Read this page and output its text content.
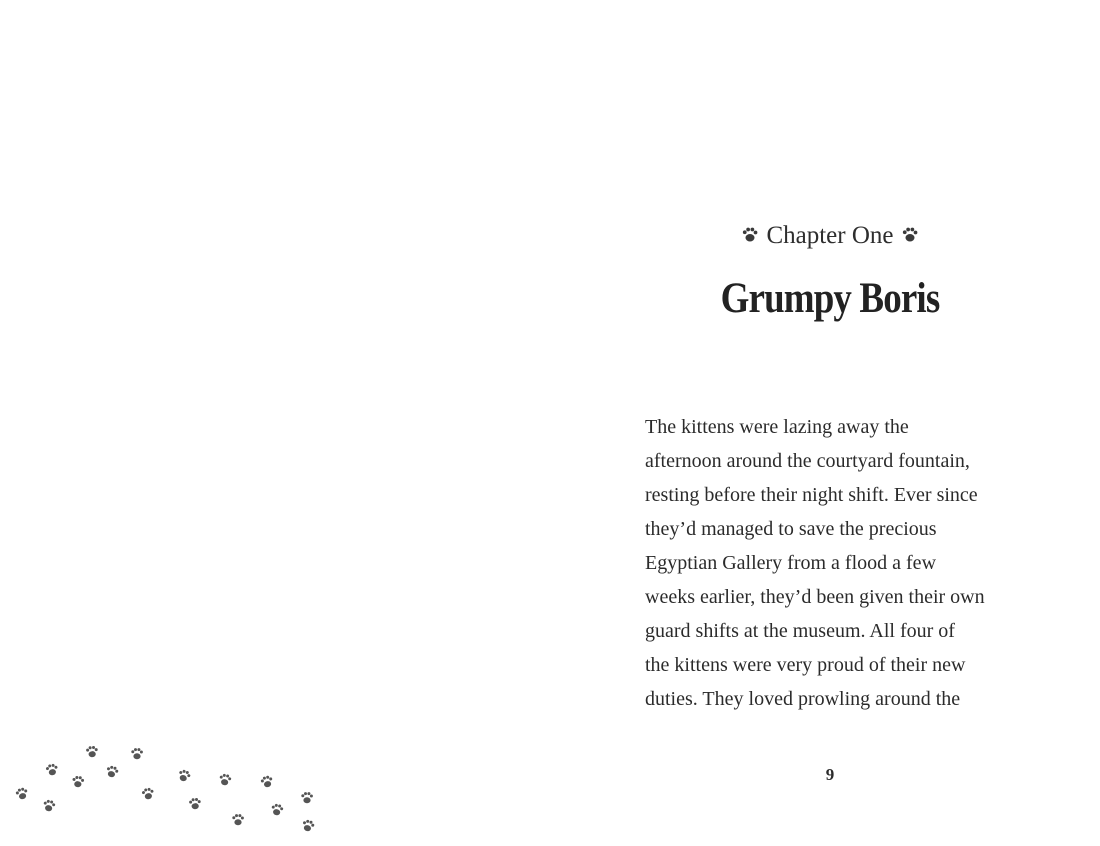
Chapter One
Grumpy Boris
The kittens were lazing away the
afternoon around the courtyard fountain,
resting before their night shift. Ever since
they’d managed to save the precious
Egyptian Gallery from a flood a few
weeks earlier, they’d been given their own
guard shifts at the museum. All four of
the kittens were very proud of their new
duties. They loved prowling around the
9
